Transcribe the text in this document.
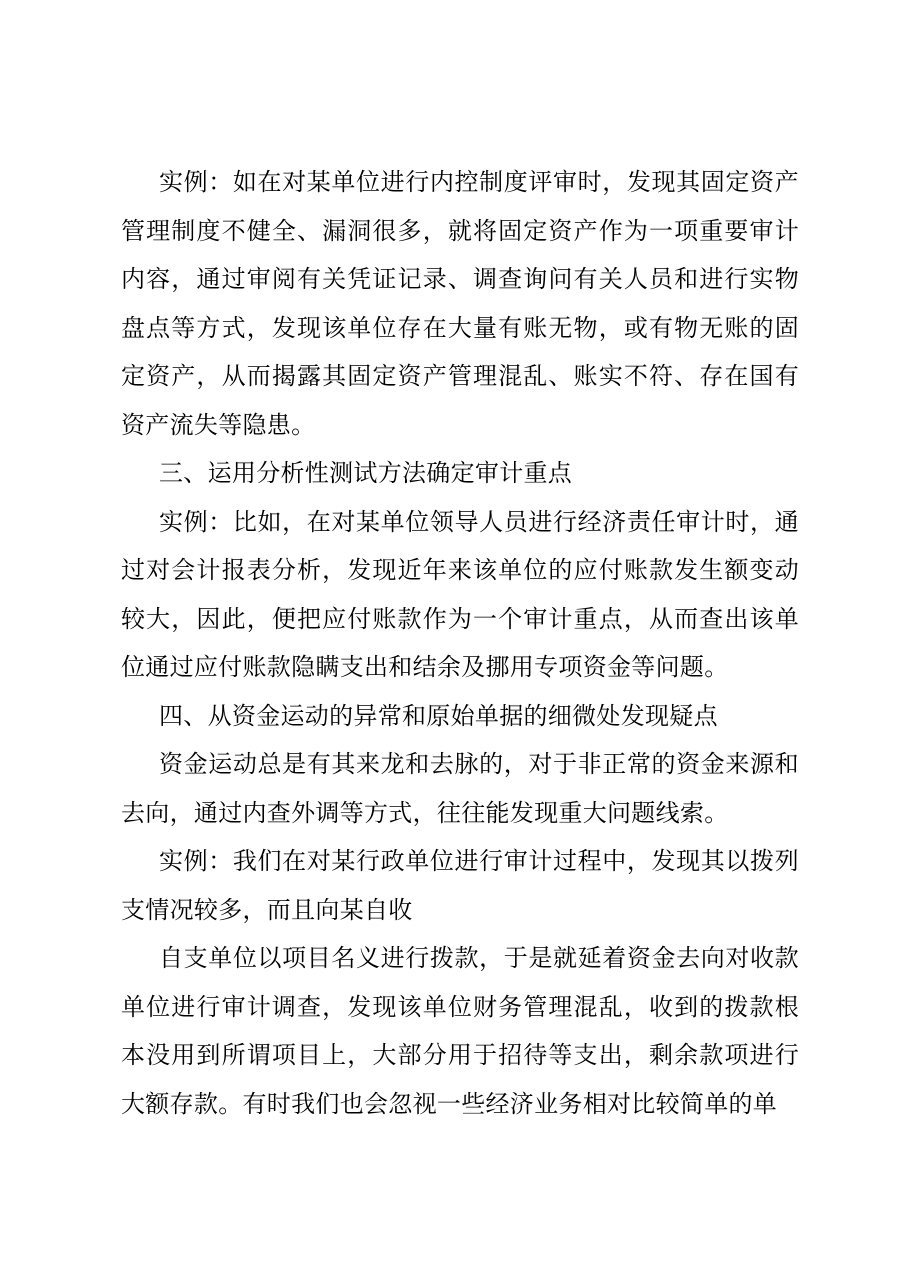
实例：如在对某单位进行内控制度评审时，发现其固定资产管理制度不健全、漏洞很多，就将固定资产作为一项重要审计内容，通过审阅有关凭证记录、调查询问有关人员和进行实物盘点等方式，发现该单位存在大量有账无物，或有物无账的固定资产，从而揭露其固定资产管理混乱、账实不符、存在国有资产流失等隐患。

三、运用分析性测试方法确定审计重点

实例：比如，在对某单位领导人员进行经济责任审计时，通过对会计报表分析，发现近年来该单位的应付账款发生额变动较大，因此，便把应付账款作为一个审计重点，从而查出该单位通过应付账款隐瞒支出和结余及挪用专项资金等问题。

四、从资金运动的异常和原始单据的细微处发现疑点

资金运动总是有其来龙和去脉的，对于非正常的资金来源和去向，通过内查外调等方式，往往能发现重大问题线索。

实例：我们在对某行政单位进行审计过程中，发现其以拨列支情况较多，而且向某自收

自支单位以项目名义进行拨款，于是就延着资金去向对收款单位进行审计调查，发现该单位财务管理混乱，收到的拨款根本没用到所谓项目上，大部分用于招待等支出，剩余款项进行大额存款。有时我们也会忽视一些经济业务相对比较简单的单
